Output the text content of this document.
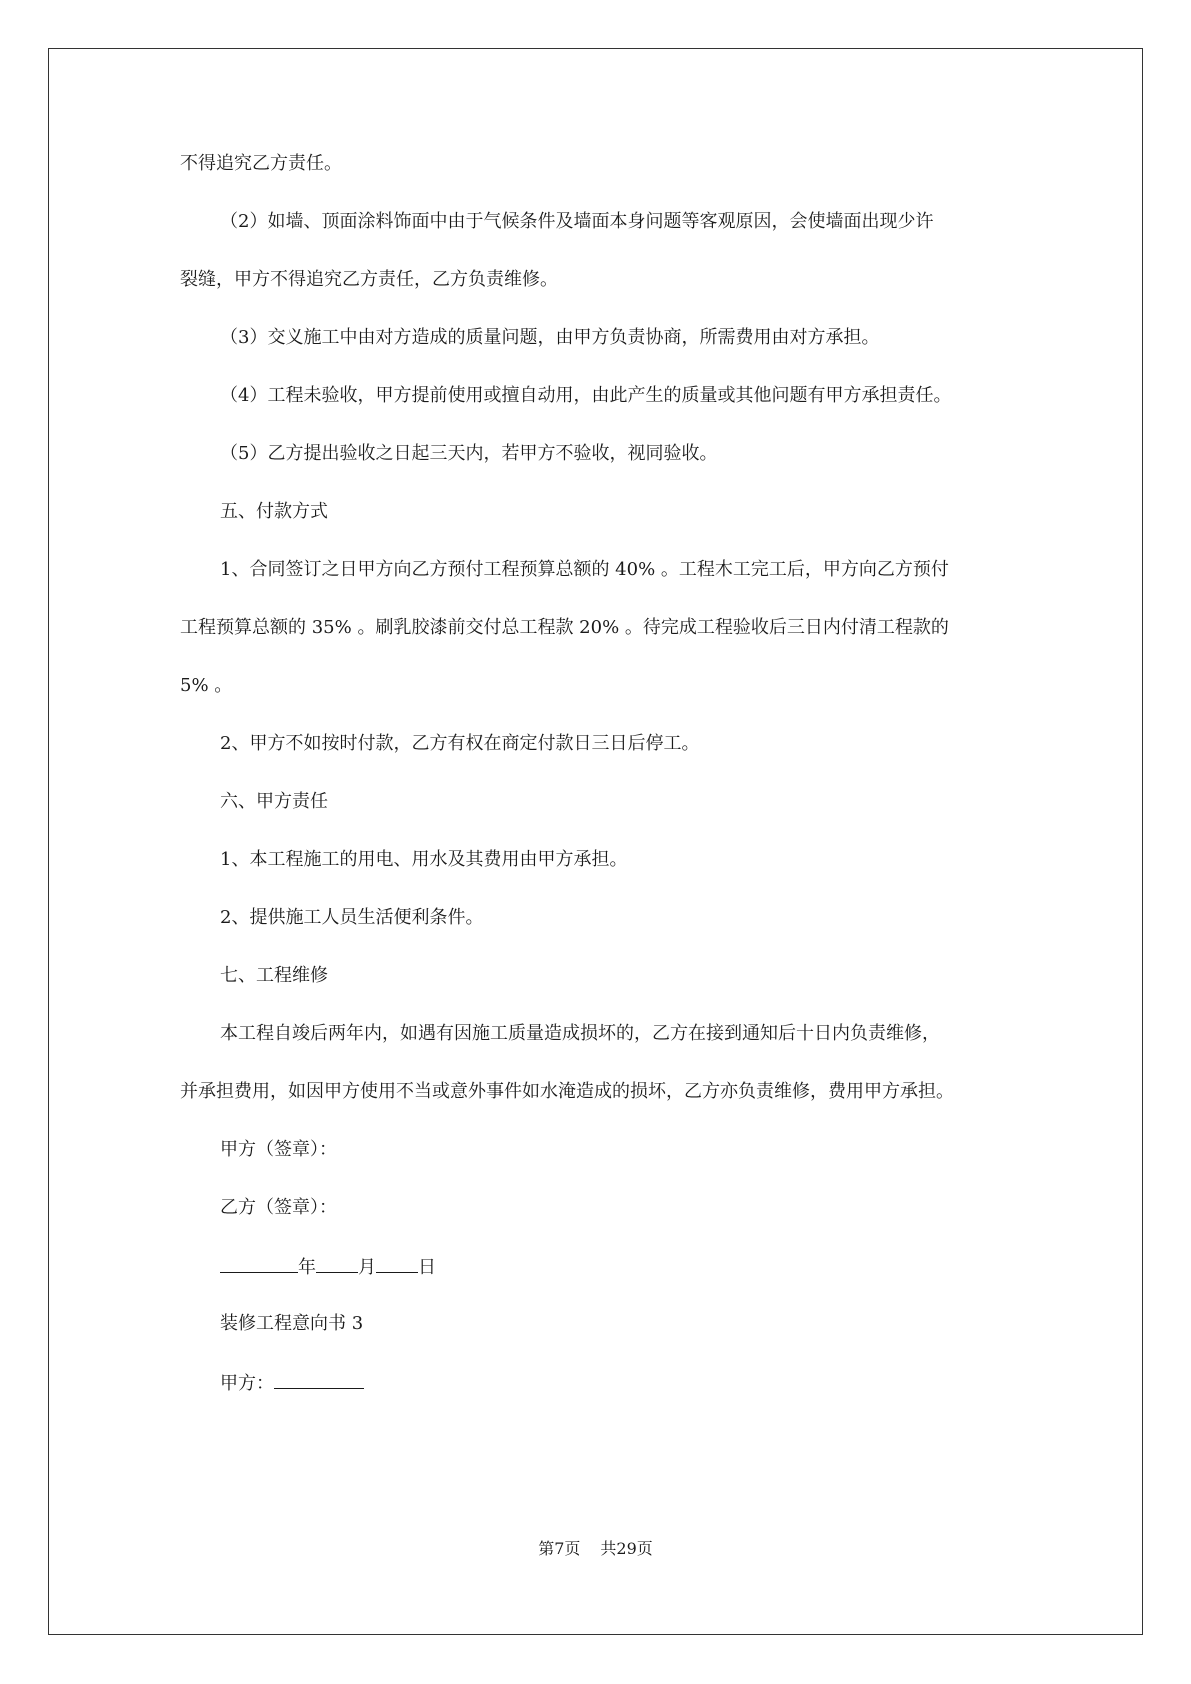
不得追究乙方责任。
（2）如墙、顶面涂料饰面中由于气候条件及墙面本身问题等客观原因，会使墙面出现少许
裂缝，甲方不得追究乙方责任，乙方负责维修。
（3）交义施工中由对方造成的质量问题，由甲方负责协商，所需费用由对方承担。
（4）工程未验收，甲方提前使用或擅自动用，由此产生的质量或其他问题有甲方承担责任。
（5）乙方提出验收之日起三天内，若甲方不验收，视同验收。
五、付款方式
1、合同签订之日甲方向乙方预付工程预算总额的 40% 。工程木工完工后，甲方向乙方预付
工程预算总额的 35% 。刷乳胶漆前交付总工程款 20% 。待完成工程验收后三日内付清工程款的
5% 。
2、甲方不如按时付款，乙方有权在商定付款日三日后停工。
六、甲方责任
1、本工程施工的用电、用水及其费用由甲方承担。
2、提供施工人员生活便利条件。
七、工程维修
本工程自竣后两年内，如遇有因施工质量造成损坏的，乙方在接到通知后十日内负责维修，
并承担费用，如因甲方使用不当或意外事件如水淹造成的损坏，乙方亦负责维修，费用甲方承担。
甲方（签章）：
乙方（签章）：
年 月 日
装修工程意向书 3
甲方：
第7页 共29页
